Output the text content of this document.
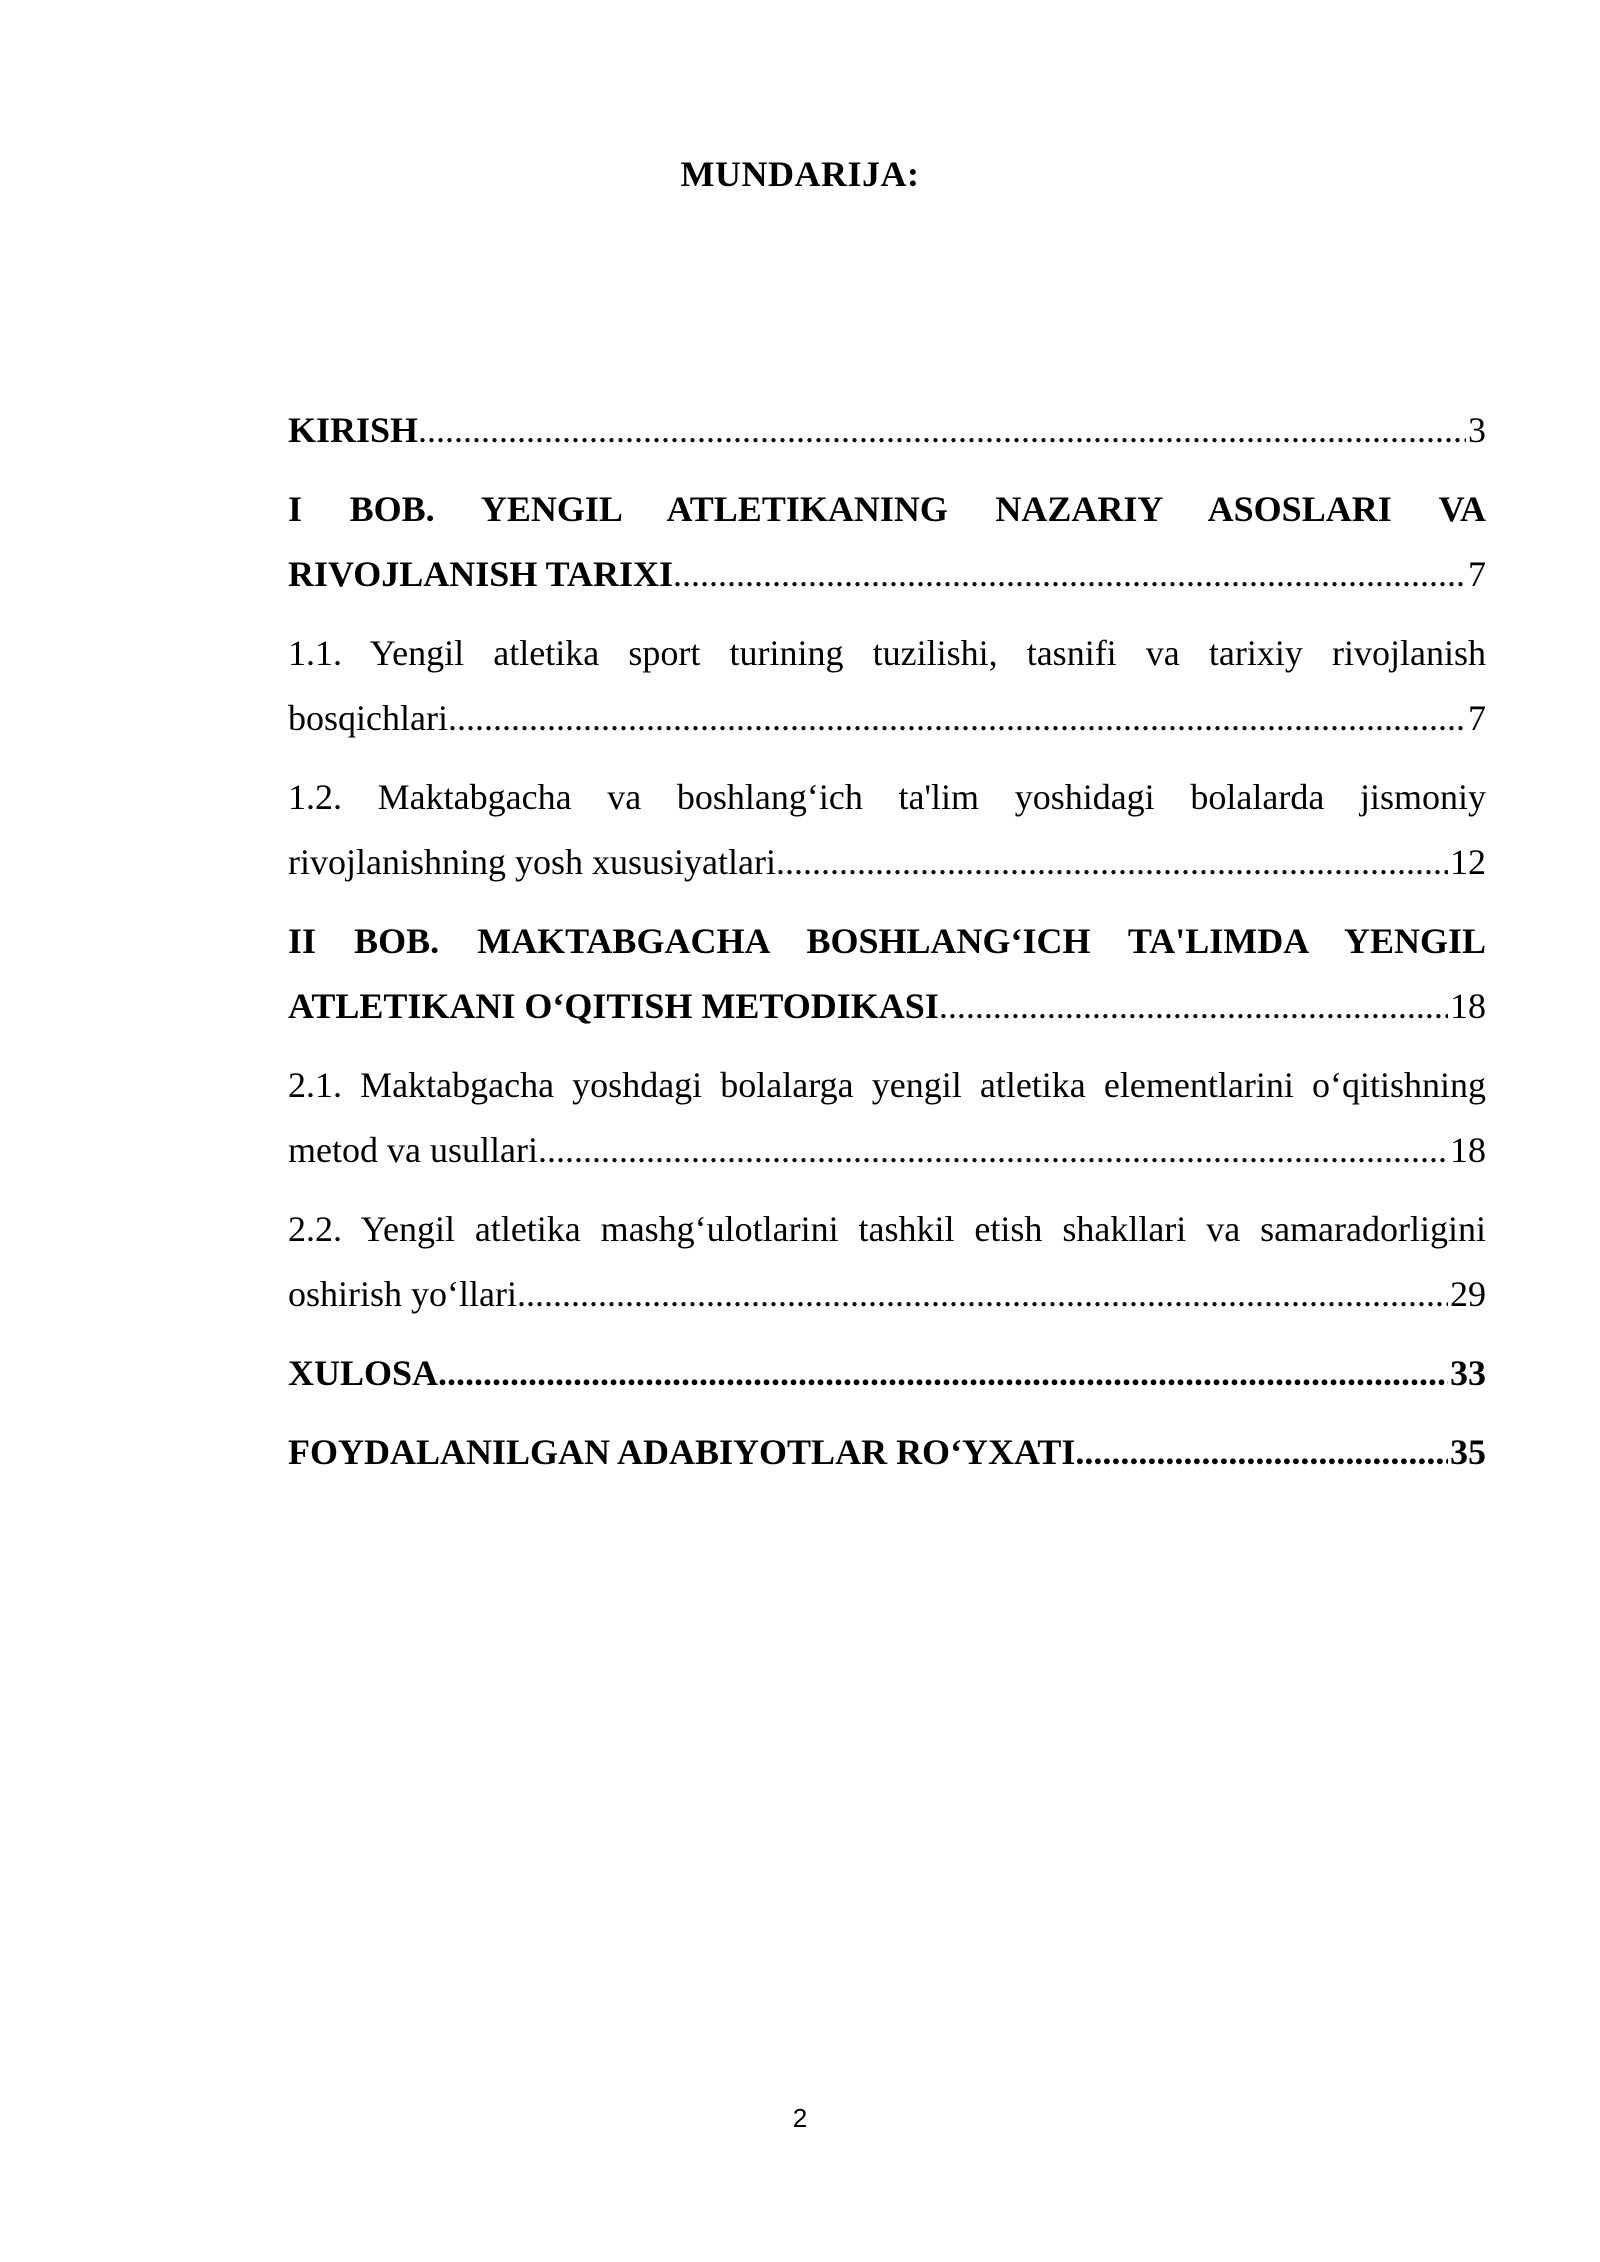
MUNDARIJA:
KIRISH .....	3
I BOB. YENGIL ATLETIKANING NAZARIY ASOSLARI VA
RIVOJLANISH TARIXI .....	7
1.1. Yengil atletika sport turining tuzilishi, tasnifi va tarixiy rivojlanish
bosqichlari .....	7
1.2. Maktabgacha va boshlang‘ich ta'lim yoshidagi bolalarda jismoniy
rivojlanishning yosh xususiyatlari .....	12
II BOB. MAKTABGACHA BOSHLANG‘ICH TA'LIMDA YENGIL
ATLETIKANI O‘QITISH METODIKASI .....	18
2.1. Maktabgacha yoshdagi bolalarga yengil atletika elementlarini o‘qitishning
metod va usullari .....	18
2.2. Yengil atletika mashg‘ulotlarini tashkil etish shakllari va samaradorligini
oshirish yo‘llari .....	29
XULOSA .....	33
FOYDALANILGAN ADABIYOTLAR RO‘YXATI .....	35
2
